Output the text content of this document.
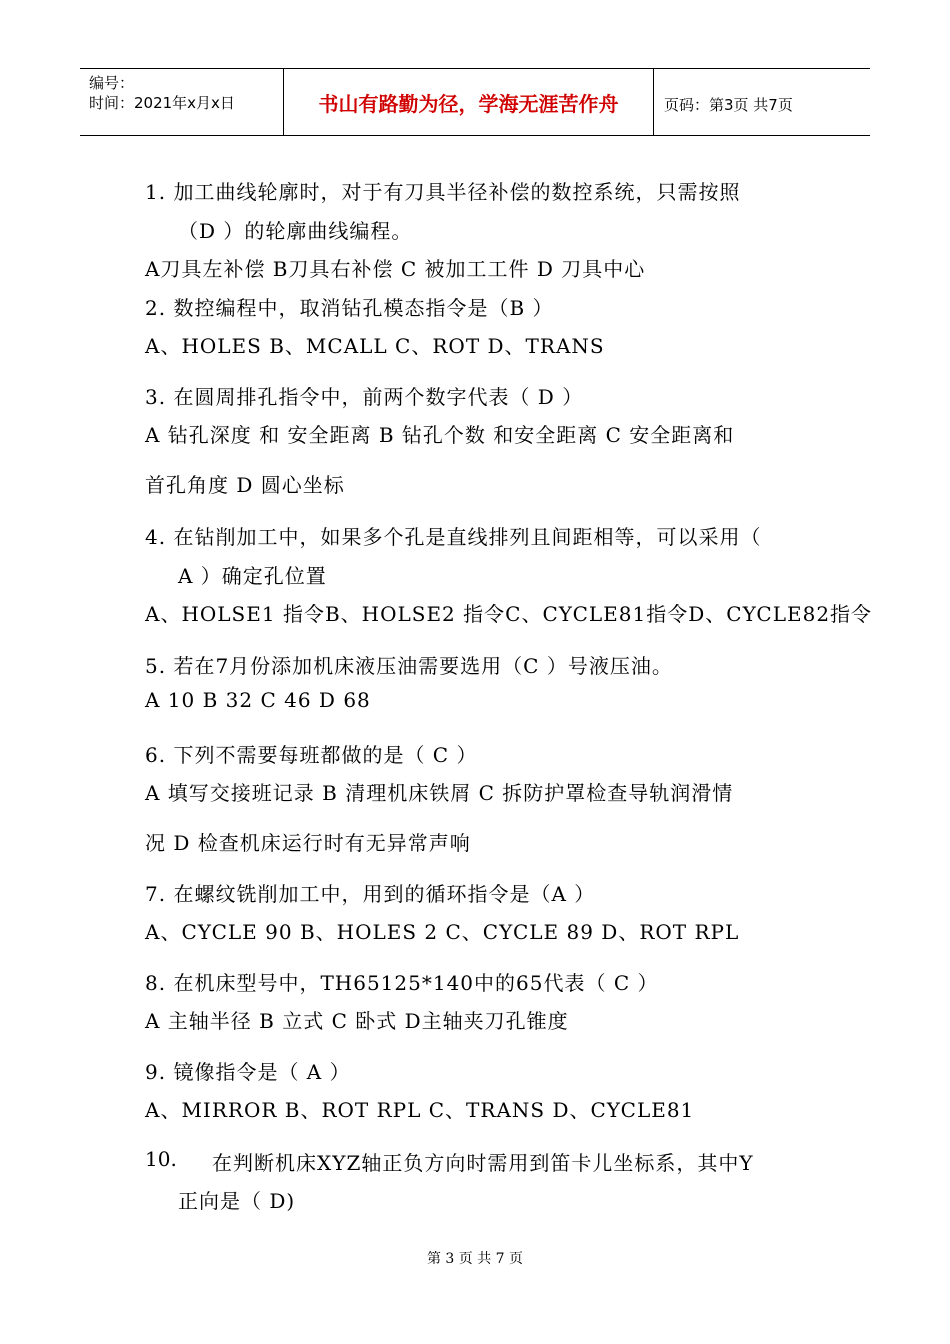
编号：
时间：2021年x月x日	书山有路勤为径，学海无涯苦作舟	页码：第3页 共7页
1. 加工曲线轮廓时，对于有刀具半径补偿的数控系统，只需按照
（D ）的轮廓曲线编程。
A刀具左补偿 B刀具右补偿 C 被加工工件 D 刀具中心
2. 数控编程中，取消钻孔模态指令是（B ）
A、HOLES B、MCALL C、ROT D、TRANS
3. 在圆周排孔指令中，前两个数字代表（ D ）
A 钻孔深度 和 安全距离 B 钻孔个数 和安全距离 C 安全距离和
首孔角度 D 圆心坐标
4. 在钻削加工中，如果多个孔是直线排列且间距相等，可以采用（
A ）确定孔位置
A、HOLSE1 指令B、HOLSE2 指令C、CYCLE81指令D、CYCLE82指令
5. 若在7月份添加机床液压油需要选用（C ）号液压油。
A 10 B 32 C 46 D 68
6. 下列不需要每班都做的是（ C ）
A 填写交接班记录 B 清理机床铁屑 C 拆防护罩检查导轨润滑情
况 D 检查机床运行时有无异常声响
7. 在螺纹铣削加工中，用到的循环指令是（A ）
A、CYCLE 90 B、HOLES 2 C、CYCLE 89 D、ROT RPL
8. 在机床型号中，TH65125*140中的65代表（ C ）
A 主轴半径 B 立式 C 卧式 D主轴夹刀孔锥度
9. 镜像指令是（ A ）
A、MIRROR B、ROT RPL C、TRANS D、CYCLE81
正向是（ D)
10. 在判断机床XYZ轴正负方向时需用到笛卡儿坐标系，其中Y
第 3 页 共 7 页
